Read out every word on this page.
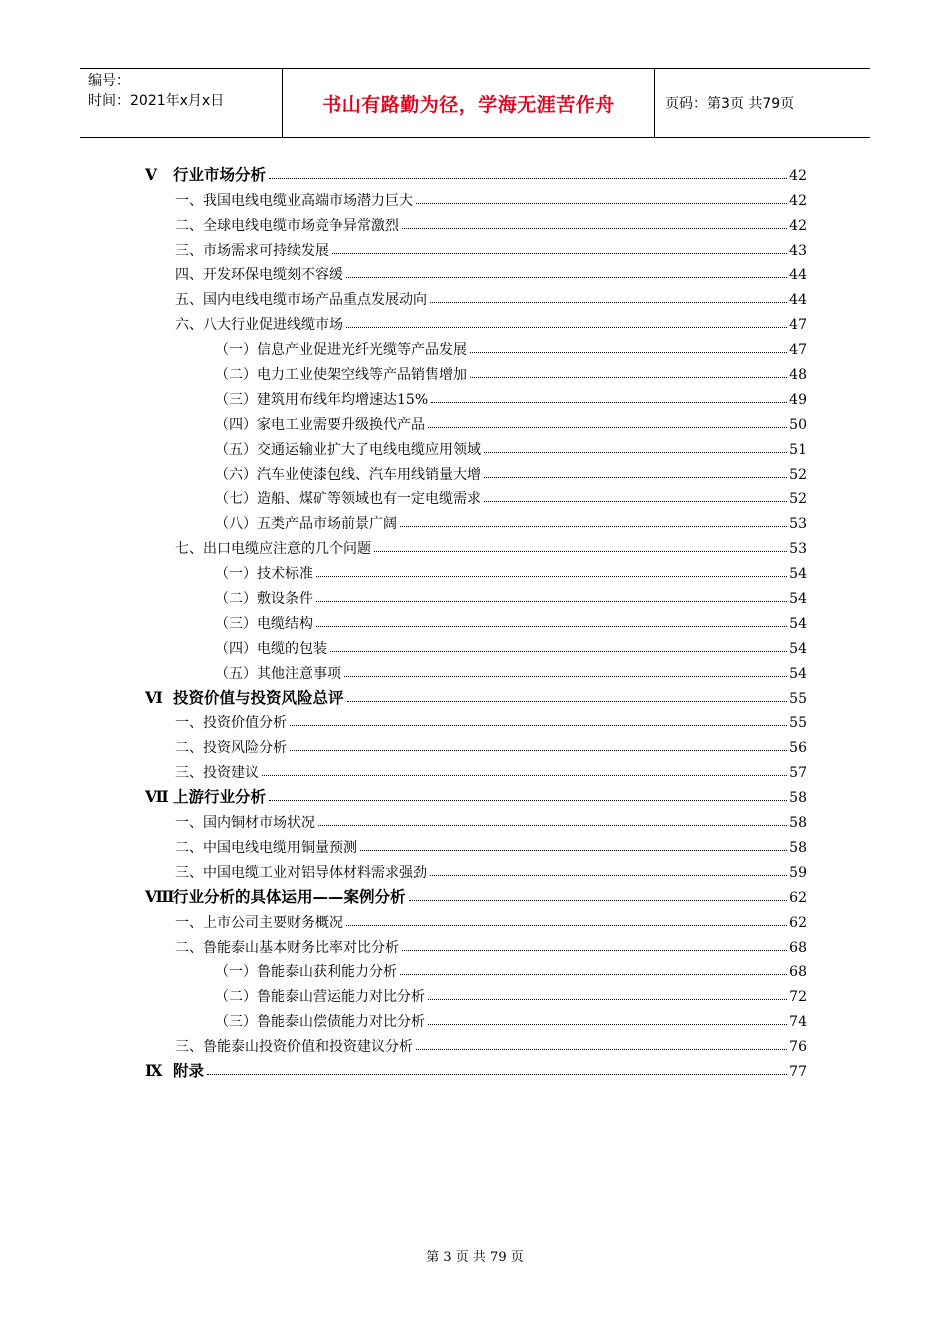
编号：
时间：2021年x月x日	书山有路勤为径，学海无涯苦作舟	页码：第3页 共79页
Ⅴ 行业市场分析	42
一、我国电线电缆业高端市场潜力巨大	42
二、全球电线电缆市场竞争异常激烈	42
三、市场需求可持续发展	43
四、开发环保电缆刻不容缓	44
五、国内电线电缆市场产品重点发展动向	44
六、八大行业促进线缆市场	47
（一）信息产业促进光纤光缆等产品发展	47
（二）电力工业使架空线等产品销售增加	48
（三）建筑用布线年均增速达15%	49
（四）家电工业需要升级换代产品	50
（五）交通运输业扩大了电线电缆应用领域	51
（六）汽车业使漆包线、汽车用线销量大增	52
（七）造船、煤矿等领域也有一定电缆需求	52
（八）五类产品市场前景广阔	53
七、出口电缆应注意的几个问题	53
（一）技术标准	54
（二）敷设条件	54
（三）电缆结构	54
（四）电缆的包装	54
（五）其他注意事项	54
Ⅵ 投资价值与投资风险总评	55
一、投资价值分析	55
二、投资风险分析	56
三、投资建议	57
Ⅶ 上游行业分析	58
一、国内铜材市场状况	58
二、中国电线电缆用铜量预测	58
三、中国电缆工业对铝导体材料需求强劲	59
Ⅷ行业分析的具体运用——案例分析	62
一、上市公司主要财务概况	62
二、鲁能泰山基本财务比率对比分析	68
（一）鲁能泰山获利能力分析	68
（二）鲁能泰山营运能力对比分析	72
（三）鲁能泰山偿债能力对比分析	74
三、鲁能泰山投资价值和投资建议分析	76
Ⅸ 附录	77
第 3 页 共 79 页
